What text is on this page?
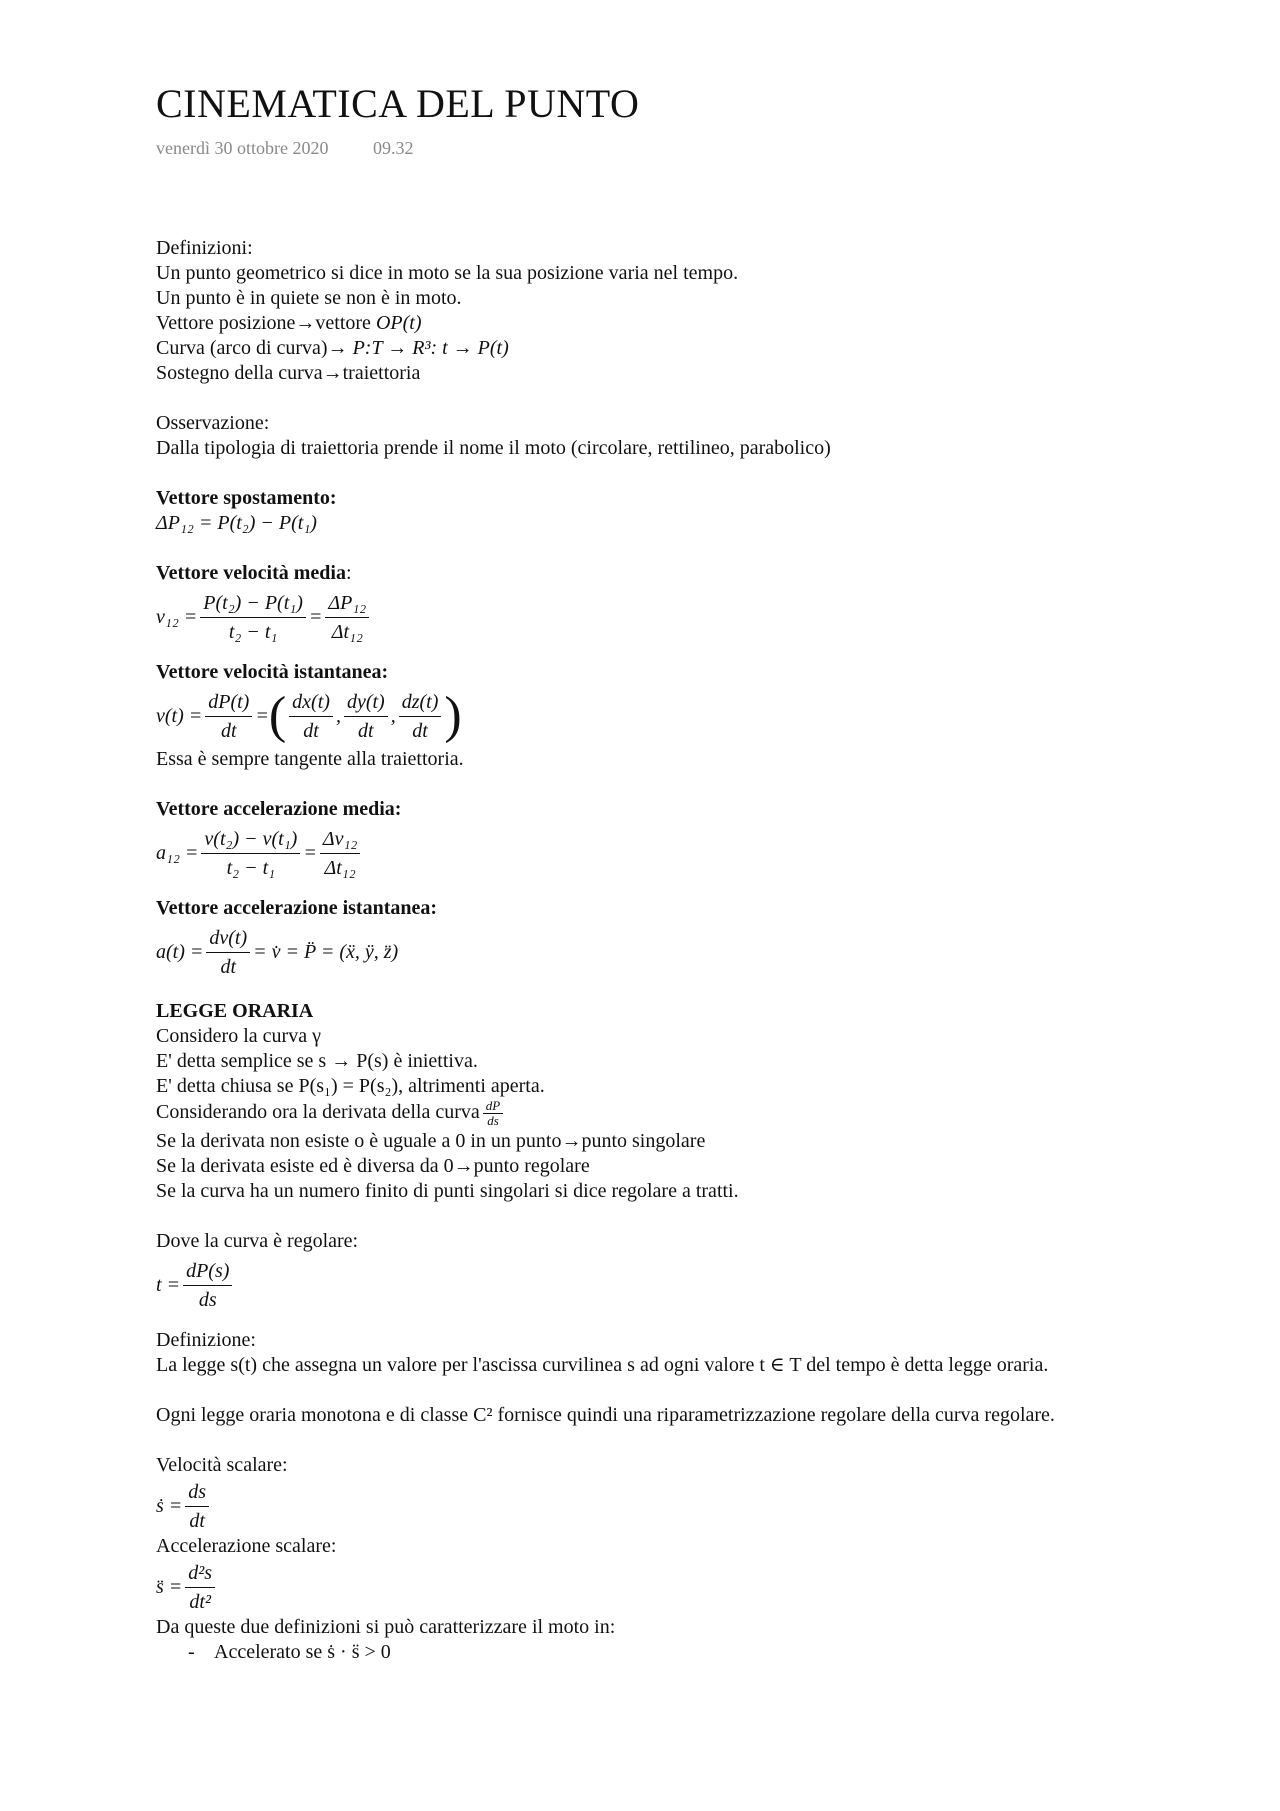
CINEMATICA DEL PUNTO
venerdì 30 ottobre 2020 09.32
Definizioni:
Un punto geometrico si dice in moto se la sua posizione varia nel tempo.
Un punto è in quiete se non è in moto.
Vettore posizione→vettore OP(t)
Curva (arco di curva)→ P:T → R³: t → P(t)
Sostegno della curva→traiettoria
Osservazione:
Dalla tipologia di traiettoria prende il nome il moto (circolare, rettilineo, parabolico)
Vettore spostamento:
ΔP₁₂ = P(t₂) − P(t₁)
Vettore velocità media:
$v_{12} = \frac{\text{P(t₂) − P(t₁)}}{\text{t₂ − t₁}} = \frac{\text{ΔP₁₂}}{\text{Δt₁₂}}$
Vettore velocità istantanea:
$v(t) = \frac{dP(t)}{dt}$ = ( $\frac{dx(t)}{dt}$ , $\frac{dy(t)}{dt}$ , $\frac{dz(t)}{dt}$ )
Essa è sempre tangente alla traiettoria.
Vettore accelerazione media:
$a_{12} = \frac{\text{v(t₂) − v(t₁)}}{\text{t₂ − t₁}} = \frac{\text{Δv₁₂}}{\text{Δt₁₂}}$
Vettore accelerazione istantanea:
$a(t) = \frac{dv(t)}{dt}$ = v̇ = P̈ = (ẍ, ÿ, z̈)
LEGGE ORARIA
Considero la curva γ
E' detta semplice se s → P(s) è iniettiva.
E' detta chiusa se P(s₁) = P(s₂), altrimenti aperta.
Considerando ora la derivata della curva $\frac{dP}{ds}$
Se la derivata non esiste o è uguale a 0 in un punto→punto singolare
Se la derivata esiste ed è diversa da 0→punto regolare
Se la curva ha un numero finito di punti singolari si dice regolare a tratti.
Dove la curva è regolare:
$t = \frac{dP(s)}{ds}$
Definizione:
La legge s(t) che assegna un valore per l'ascissa curvilinea s ad ogni valore t ∈ T del tempo è detta legge oraria.
Ogni legge oraria monotona e di classe C² fornisce quindi una riparametrizzazione regolare della curva regolare.
Velocità scalare:
ṡ = $\frac{ds}{dt}$
Accelerazione scalare:
s̈ = $\frac{\text{d²s}}{\text{dt²}}$
Da queste due definizioni si può caratterizzare il moto in:
- Accelerato se ṡ · s̈ > 0
